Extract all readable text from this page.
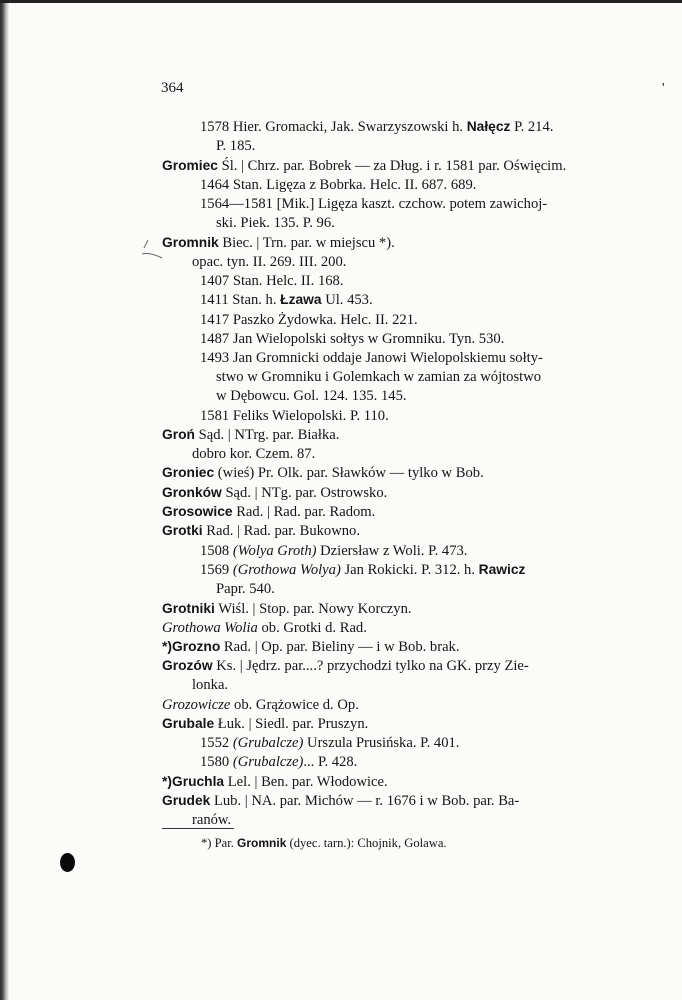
364	'
1578 Hier. Gromacki, Jak. Swarzyszowski h. Nałęcz P. 214.
P. 185.
Gromiec Śl. | Chrz. par. Bobrek — za Dług. i r. 1581 par. Oświęcim.
1464 Stan. Ligęza z Bobrka. Helc. II. 687. 689.
1564—1581 [Mik.] Ligęza kaszt. czchow. potem zawichoj-
ski. Piek. 135. P. 96.
Gromnik Biec. | Trn. par. w miejscu *).
opac. tyn. II. 269. III. 200.
1407 Stan. Helc. II. 168.
1411 Stan. h. Łzawa Ul. 453.
1417 Paszko Żydowka. Helc. II. 221.
1487 Jan Wielopolski sołtys w Gromniku. Tyn. 530.
1493 Jan Gromnicki oddaje Janowi Wielopolskiemu sołty-
stwo w Gromniku i Golemkach w zamian za wójtostwo
w Dębowcu. Gol. 124. 135. 145.
1581 Feliks Wielopolski. P. 110.
Groń Sąd. | NTrg. par. Białka.
dobro kor. Czem. 87.
Groniec (wieś) Pr. Olk. par. Sławków — tylko w Bob.
Gronków Sąd. | NTg. par. Ostrowsko.
Grosowice Rad. | Rad. par. Radom.
Grotki Rad. | Rad. par. Bukowno.
1508 (Wolya Groth) Dziersław z Woli. P. 473.
1569 (Grothowa Wolya) Jan Rokicki. P. 312. h. Rawicz
Papr. 540.
Grotniki Wiśl. | Stop. par. Nowy Korczyn.
Grothowa Wolia ob. Grotki d. Rad.
*)Grozno Rad. | Op. par. Bieliny — i w Bob. brak.
Grozów Ks. | Jędrz. par....? przychodzi tylko na GK. przy Zie-
lonka.
Grozowicze ob. Grążowice d. Op.
Grubale Łuk. | Siedl. par. Pruszyn.
1552 (Grubalcze) Urszula Prusińska. P. 401.
1580 (Grubalcze)... P. 428.
*)Gruchla Lel. | Ben. par. Włodowice.
Grudek Lub. | NA. par. Michów — r. 1676 i w Bob. par. Ba-
ranów.
*) Par. Gromnik (dyec. tarn.): Chojnik, Golawa.
